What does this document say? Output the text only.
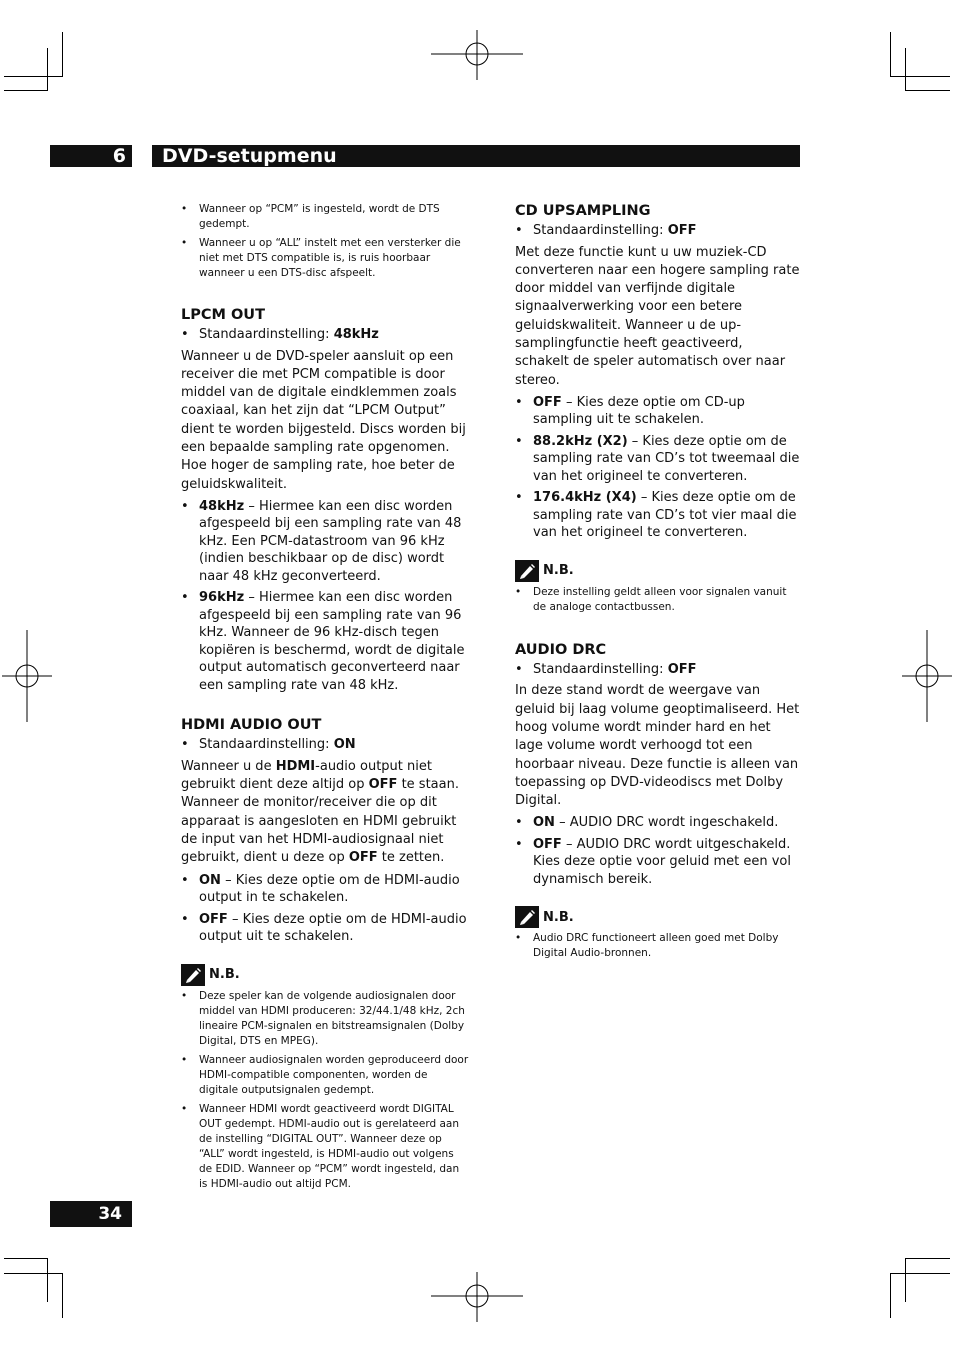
6	DVD-setupmenu
• Wanneer op “PCM” is ingesteld, wordt de DTS gedempt.
• Wanneer u op “ALL” instelt met een versterker die niet met DTS compatible is, is ruis hoorbaar wanneer u een DTS-disc afspeelt.
LPCM OUT
• Standaardinstelling: 48kHz

Wanneer u de DVD-speler aansluit op een receiver die met PCM compatible is door middel van de digitale eindklemmen zoals coaxiaal, kan het zijn dat “LPCM Output” dient te worden bijgesteld. Discs worden bij een bepaalde sampling rate opgenomen. Hoe hoger de sampling rate, hoe beter de geluidskwaliteit.

• 48kHz – Hiermee kan een disc worden afgespeeld bij een sampling rate van 48 kHz. Een PCM-datastroom van 96 kHz (indien beschikbaar op de disc) wordt naar 48 kHz geconverteerd.
• 96kHz – Hiermee kan een disc worden afgespeeld bij een sampling rate van 96 kHz. Wanneer de 96 kHz-disch tegen kopiëren is beschermd, wordt de digitale output automatisch geconverteerd naar een sampling rate van 48 kHz.
HDMI AUDIO OUT
• Standaardinstelling: ON

Wanneer u de HDMI-audio output niet gebruikt dient deze altijd op OFF te staan. Wanneer de monitor/receiver die op dit apparaat is aangesloten en HDMI gebruikt de input van het HDMI-audiosignaal niet gebruikt, dient u deze op OFF te zetten.

• ON – Kies deze optie om de HDMI-audio output in te schakelen.
• OFF – Kies deze optie om de HDMI-audio output uit te schakelen.
N.B.
• Deze speler kan de volgende audiosignalen door middel van HDMI produceren: 32/44.1/48 kHz, 2ch lineaire PCM-signalen en bitstreamsignalen (Dolby Digital, DTS en MPEG).
• Wanneer audiosignalen worden geproduceerd door HDMI-compatible componenten, worden de digitale outputsignalen gedempt.
• Wanneer HDMI wordt geactiveerd wordt DIGITAL OUT gedempt. HDMI-audio out is gerelateerd aan de instelling “DIGITAL OUT”. Wanneer deze op “ALL” wordt ingesteld, is HDMI-audio out volgens de EDID. Wanneer op “PCM” wordt ingesteld, dan is HDMI-audio out altijd PCM.
CD UPSAMPLING
• Standaardinstelling: OFF

Met deze functie kunt u uw muziek-CD converteren naar een hogere sampling rate door middel van verfijnde digitale signaalverwerking voor een betere geluidskwaliteit. Wanneer u de up-samplingfunctie heeft geactiveerd, schakelt de speler automatisch over naar stereo.

• OFF – Kies deze optie om CD-up sampling uit te schakelen.
• 88.2kHz (X2) – Kies deze optie om de sampling rate van CD’s tot tweemaal die van het origineel te converteren.
• 176.4kHz (X4) – Kies deze optie om de sampling rate van CD’s tot vier maal die van het origineel te converteren.
N.B.
• Deze instelling geldt alleen voor signalen vanuit de analoge contactbussen.
AUDIO DRC
• Standaardinstelling: OFF

In deze stand wordt de weergave van geluid bij laag volume geoptimaliseerd. Het hoog volume wordt minder hard en het lage volume wordt verhoogd tot een hoorbaar niveau. Deze functie is alleen van toepassing op DVD-videodiscs met Dolby Digital.

• ON – AUDIO DRC wordt ingeschakeld.
• OFF – AUDIO DRC wordt uitgeschakeld. Kies deze optie voor geluid met een vol dynamisch bereik.
N.B.
• Audio DRC functioneert alleen goed met Dolby Digital Audio-bronnen.
34
